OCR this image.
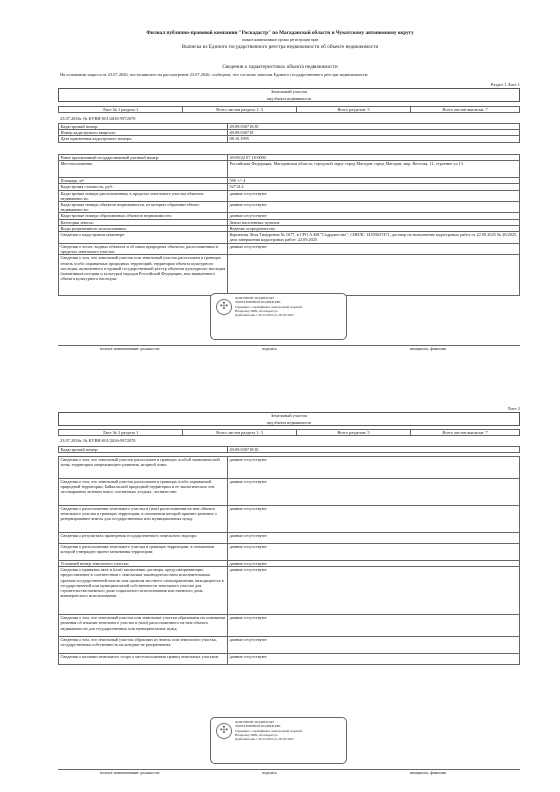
Филиал публично-правовой компании "Роскадастр" по Магаданской области и Чукотскому автономному округу
полное наименование органа регистрации прав
Выписка из Единого государственного реестра недвижимости об объекте недвижимости
Сведения о характеристиках объекта недвижимости
На основании запроса от 23.07.2026, поступившего на рассмотрение 23.07.2026, сообщаем, что согласно записям Единого государственного реестра недвижимости:
Раздел 1 Лист 1
Земельный участок
вид объекта недвижимости
Лист № 1 раздела 1	Всего листов раздела 1: 3	Всего разделов: 5	Всего листов выписки: 7
23.07.2026г. № КУВИ-001/2026-9972070
Кадастровый номер:	49:09:030718:81
Номер кадастрового квартала:	49:09:030718
Дата присвоения кадастрового номера:	08.10.1995
Ранее присвоенный государственный учетный номер:	49-09/22 07 18-0000
Местоположение:	Российская Федерация, Магаданская область, городской округ город Магадан, город Магадан, мкр. Веселая, 11, строение ул.13
Площадь, м²:	590 +/- 4
Кадастровая стоимость, руб.:	52714.4
Кадастровые номера расположенных в пределах земельного участка объектов недвижимости:	данные отсутствуют
Кадастровые номера объектов недвижимости, из которых образован объект недвижимости:	данные отсутствуют
Кадастровые номера образованных объектов недвижимости:	данные отсутствуют
Категория земель:	Земли населенных пунктов
Виды разрешенного использования:	Ведение огородничества
Сведения о кадастровом инженере:	Карпатова Леля Тимуровна № 1677, в СРО А КИ "Содружество", СНИЛС 14359637471, договор на выполнение кадастровых работ от 22.09.2025 № 20/2025, дата завершения кадастровых работ: 22.09.2025
Сведения о лесах, водных объектах и об иных природных объектах, расположенных в пределах земельного участка:	данные отсутствуют
Сведения о том, что земельный участок или земельный участок расположен в границах земель особо охраняемых природных территорий, территории объекта культурного наследия, включенного в единый государственный реестр объектов культурного наследия (памятников истории и культуры) народов Российской Федерации, или выявленного объекта культурного наследия:	
✣
ДОКУМЕНТ ПОДПИСАН
ЭЛЕКТРОННОЙ ПОДПИСЬЮ
Сведения о сертификате электронной подписи
Владелец: ППК «Роскадастр»
Действителен с 20.12.2025 по 20.03.2027
полное наименование должности	подпись	инициалы, фамилия
Лист 2
Земельный участок
вид объекта недвижимости
Лист № 2 раздела 1	Всего листов раздела 1: 3	Всего разделов: 5	Всего листов выписки: 7
23.07.2026г. № КУВИ-001/2026-9972070
Кадастровый номер:	49:09:030718:81
Сведения о том, что земельный участок расположен в границах особой экономической зоны, территории опережающего развития, игорной зоны:	данные отсутствуют
Сведения о том, что земельный участок расположен в границах особо охраняемой природной территории, Байкальской природной территории и ее экологических зон, лесопарковом зеленом поясе, охотничьих угодьях, лесничестве:	данные отсутствуют
Сведения о расположении земельного участка в (или) расположении на нем объекта земельного участка в границах территории, в отношении которой принято решение о резервировании земель для государственных или муниципальных нужд:	данные отсутствуют
Сведения о результатах проведения государственного земельного надзора:	данные отсутствуют
Сведения о расположении земельного участка в границах территории, в отношении которой утвержден проект межевания территории:	данные отсутствуют
Условный номер земельного участка:	данные отсутствуют
Сведения о принятии акта и (или) заключении договора, предусматривающих предоставление в соответствии с земельным законодательством исполнительным органом государственной власти или органом местного самоуправления, находящегося в государственной или муниципальной собственности земельного участка для строительства наемного дома социального использования или наемного дома коммерческого использования:	данные отсутствуют
Сведения о том, что земельный участок или земельные участки образованы на основании решения об изъятии земельного участка и (или) расположенного на нем объекта недвижимости для государственных или муниципальных нужд:	данные отсутствуют
Сведения о том, что земельный участок образован из земель или земельного участка, государственная собственность на которые не разграничена:	данные отсутствуют
Сведения о наличии земельного спора о местоположении границ земельных участков:	данные отсутствуют
✣
ДОКУМЕНТ ПОДПИСАН
ЭЛЕКТРОННОЙ ПОДПИСЬЮ
Сведения о сертификате электронной подписи
Владелец: ППК «Роскадастр»
Действителен с 20.12.2025 по 20.03.2027
полное наименование должности	подпись	инициалы, фамилия
